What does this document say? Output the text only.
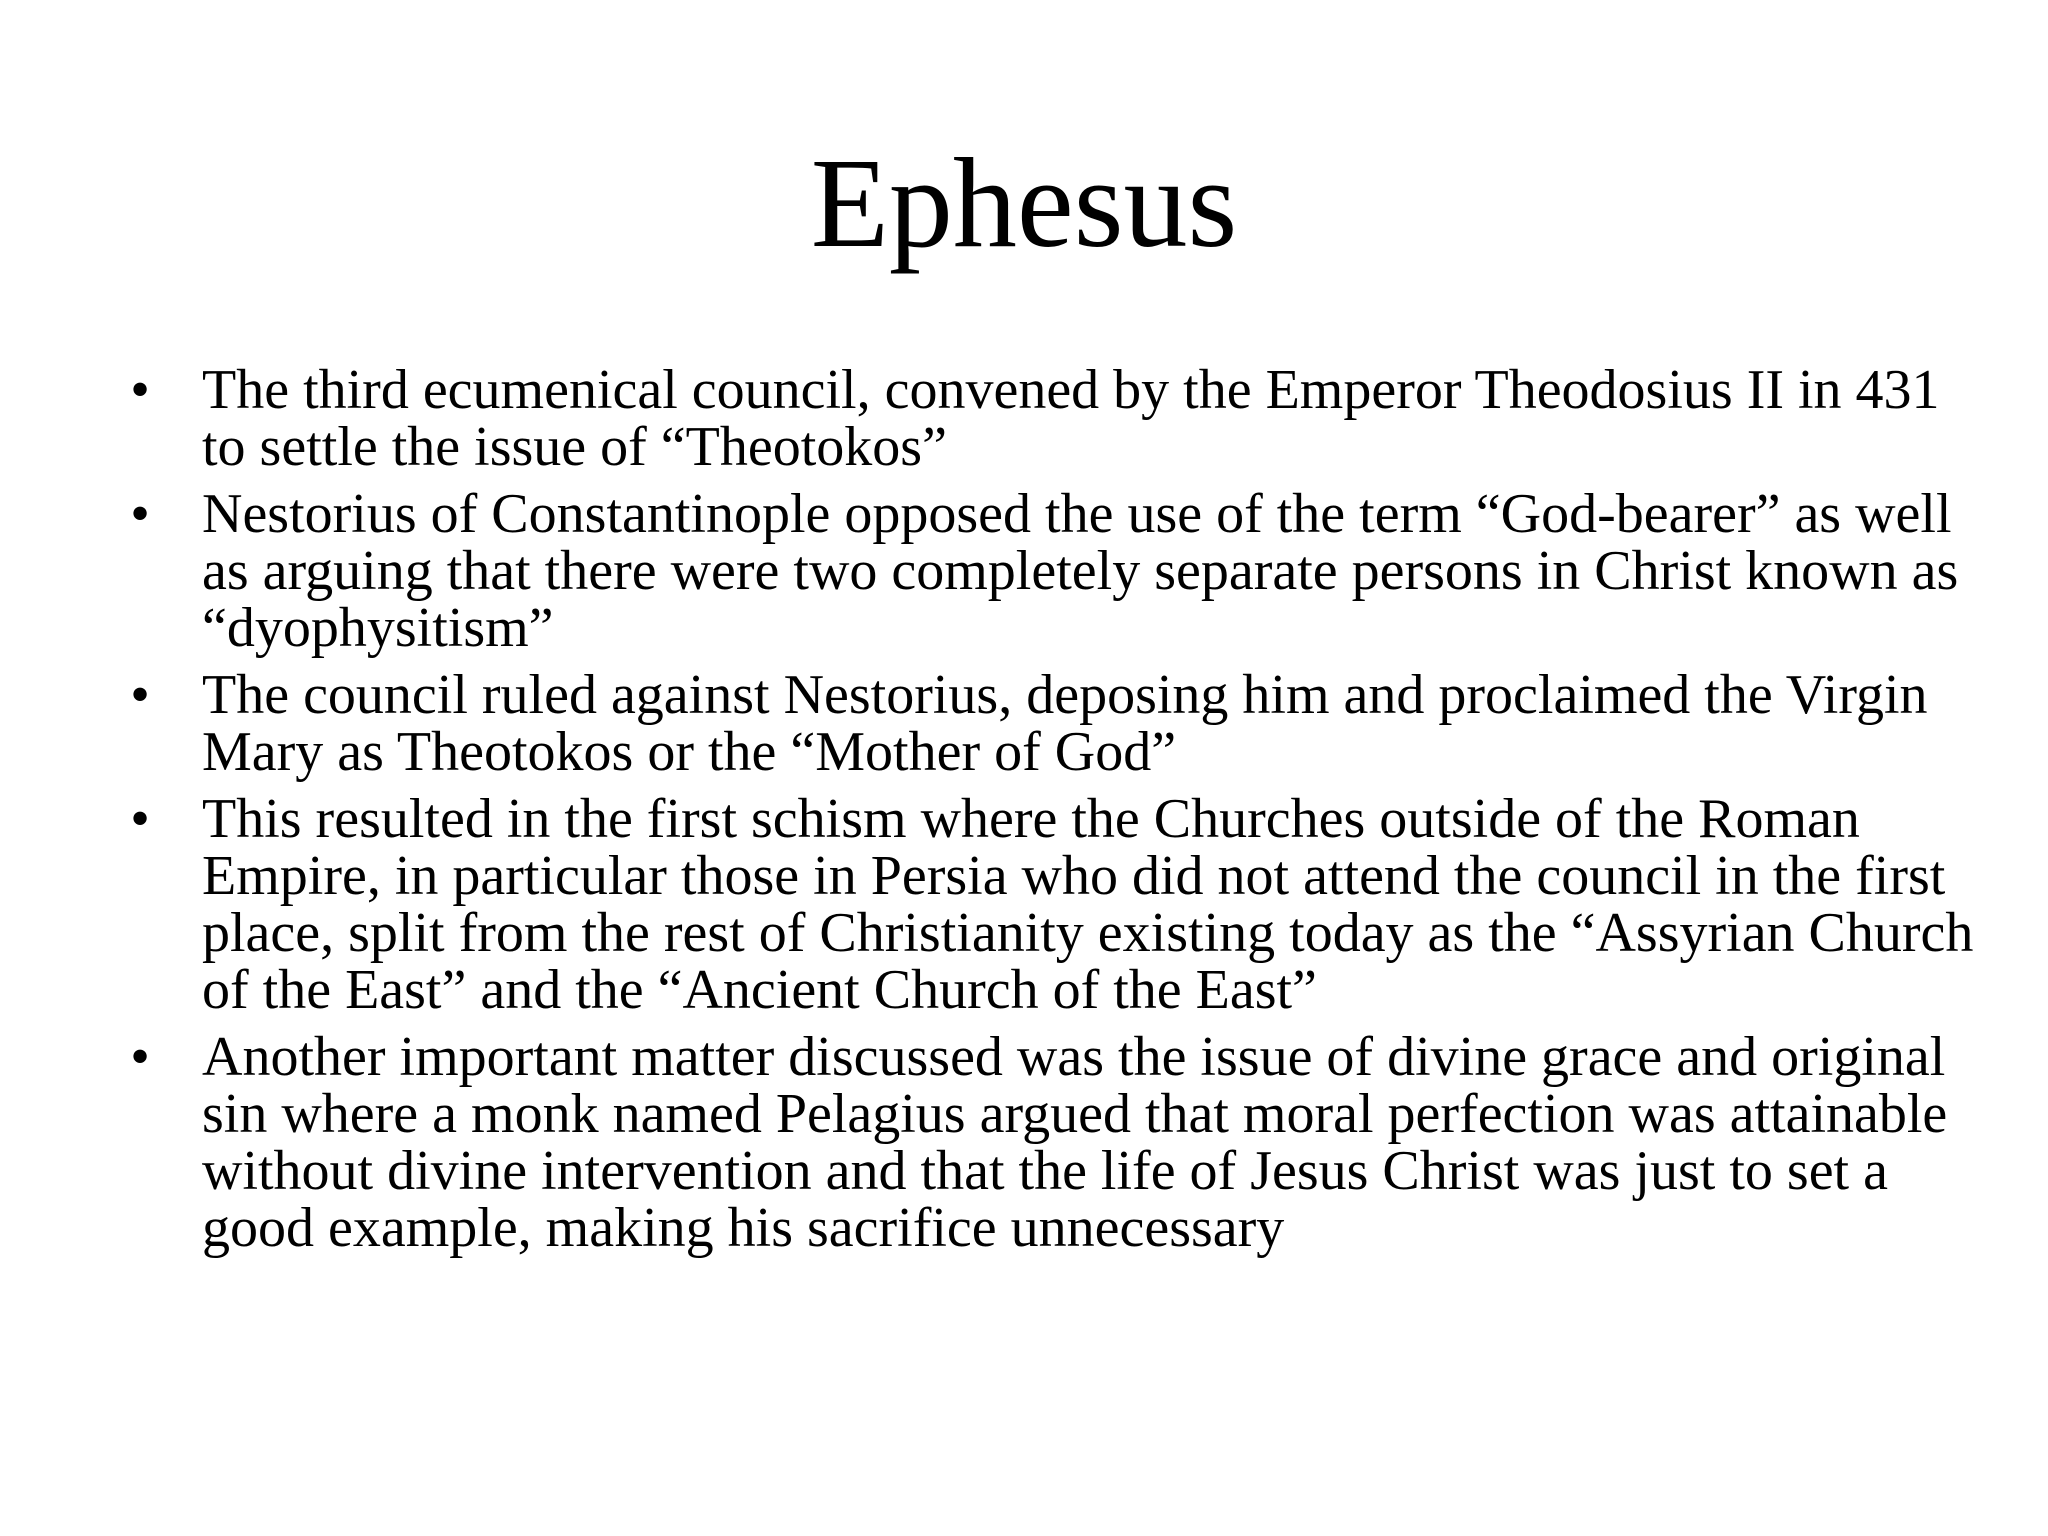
Ephesus
• The third ecumenical council, convened by the Emperor Theodosius II in 431 to settle the issue of “Theotokos”
• Nestorius of Constantinople opposed the use of the term “God-bearer” as well as arguing that there were two completely separate persons in Christ known as “dyophysitism”
• The council ruled against Nestorius, deposing him and proclaimed the Virgin Mary as Theotokos or the “Mother of God”
• This resulted in the first schism where the Churches outside of the Roman Empire, in particular those in Persia who did not attend the council in the first place, split from the rest of Christianity existing today as the “Assyrian Church of the East” and the “Ancient Church of the East”
• Another important matter discussed was the issue of divine grace and original sin where a monk named Pelagius argued that moral perfection was attainable without divine intervention and that the life of Jesus Christ was just to set a good example, making his sacrifice unnecessary
